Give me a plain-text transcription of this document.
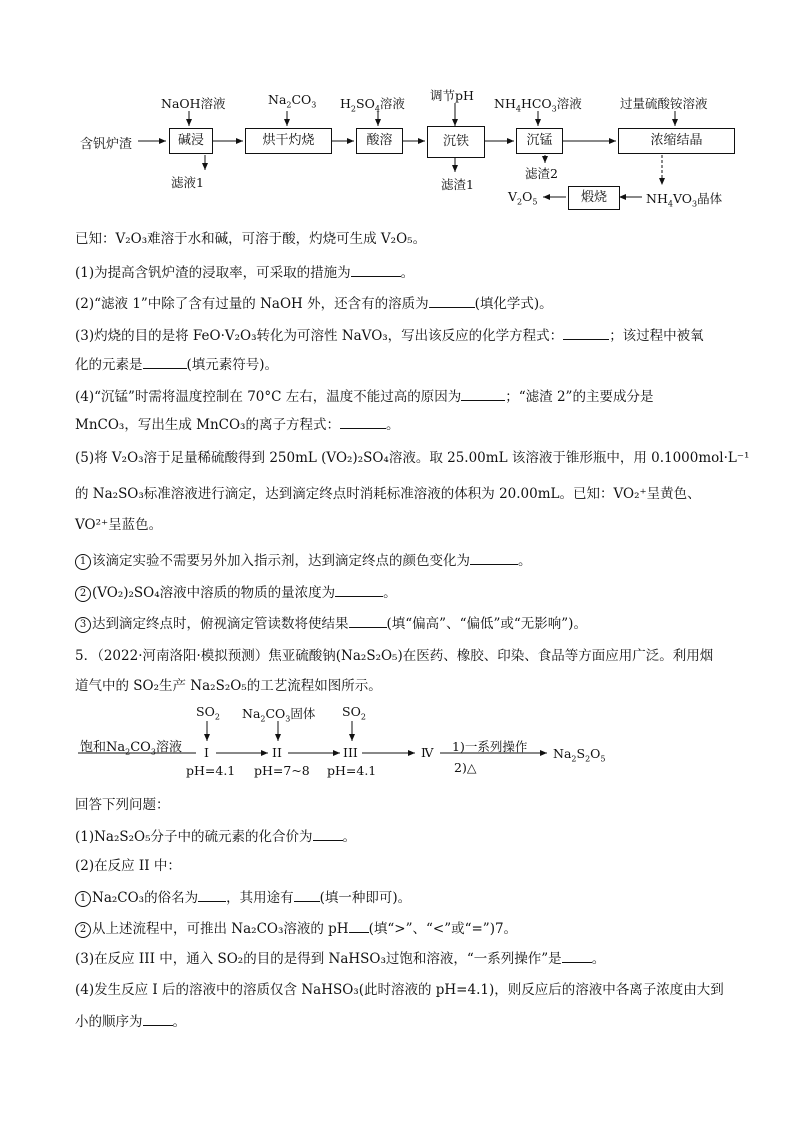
含钒炉渣	碱浸	烘干灼烧	酸溶	沉铁	沉锰	浓缩结晶
煅烧
NaOH溶液	$Na_2CO_3$ $H_2SO_4$溶液
调节pH
$NH_4HCO_3$溶液	过量硫酸铵溶液
滤液1	滤渣1
滤渣2
$NH_4VO_3$晶体
$V_2O_5$
已知：V₂O₃难溶于水和碱，可溶于酸，灼烧可生成 V₂O₅。
(1)为提高含钒炉渣的浸取率，可采取的措施为	。
(2)“滤液 1”中除了含有过量的 NaOH 外，还含有的溶质为	(填化学式)。
(3)灼烧的目的是将 FeO·V₂O₃转化为可溶性 NaVO₃，写出该反应的化学方程式：	；该过程中被氧
化的元素是	(填元素符号)。
(4)“沉锰”时需将温度控制在 70°C 左右，温度不能过高的原因为	；“滤渣 2”的主要成分是
MnCO₃，写出生成 MnCO₃的离子方程式：	。
(5)将 V₂O₃溶于足量稀硫酸得到 250mL (VO₂)₂SO₄溶液。取 25.00mL 该溶液于锥形瓶中，用 0.1000mol·L⁻¹
的 Na₂SO₃标准溶液进行滴定，达到滴定终点时消耗标准溶液的体积为 20.00mL。已知：VO₂⁺呈黄色、
VO²⁺呈蓝色。
1 该滴定实验不需要另外加入指示剂，达到滴定终点的颜色变化为	。
2 (VO₂)₂SO₄溶液中溶质的物质的量浓度为	。
3 达到滴定终点时，俯视滴定管读数将使结果	(填“偏高”、“偏低”或“无影响”)。
5．（2022·河南洛阳·模拟预测）焦亚硫酸钠(Na₂S₂O₅)在医药、橡胶、印染、食品等方面应用广泛。利用烟
道气中的 SO₂生产 Na₂S₂O₅的工艺流程如图所示。
饱和$Na_2CO_3$溶液
$SO_2$ $Na_2CO_3$固体 $SO_2$
I	II	III	Ⅳ
pH=4.1 pH=7~8 pH=4.1
1)一系列操作
2)△
$Na_2S_2O_5$
回答下列问题：
(1)Na₂S₂O₅分子中的硫元素的化合价为 。
(2)在反应 II 中：
1 Na₂CO₃的俗名为 ，其用途有 (填一种即可)。
2 从上述流程中，可推出 Na₂CO₃溶液的 pH (填“>”、“<”或“=”)7。
(3)在反应 III 中，通入 SO₂的目的是得到 NaHSO₃过饱和溶液，“一系列操作”是 。
(4)发生反应 I 后的溶液中的溶质仅含 NaHSO₃(此时溶液的 pH=4.1)，则反应后的溶液中各离子浓度由大到
小的顺序为 。
